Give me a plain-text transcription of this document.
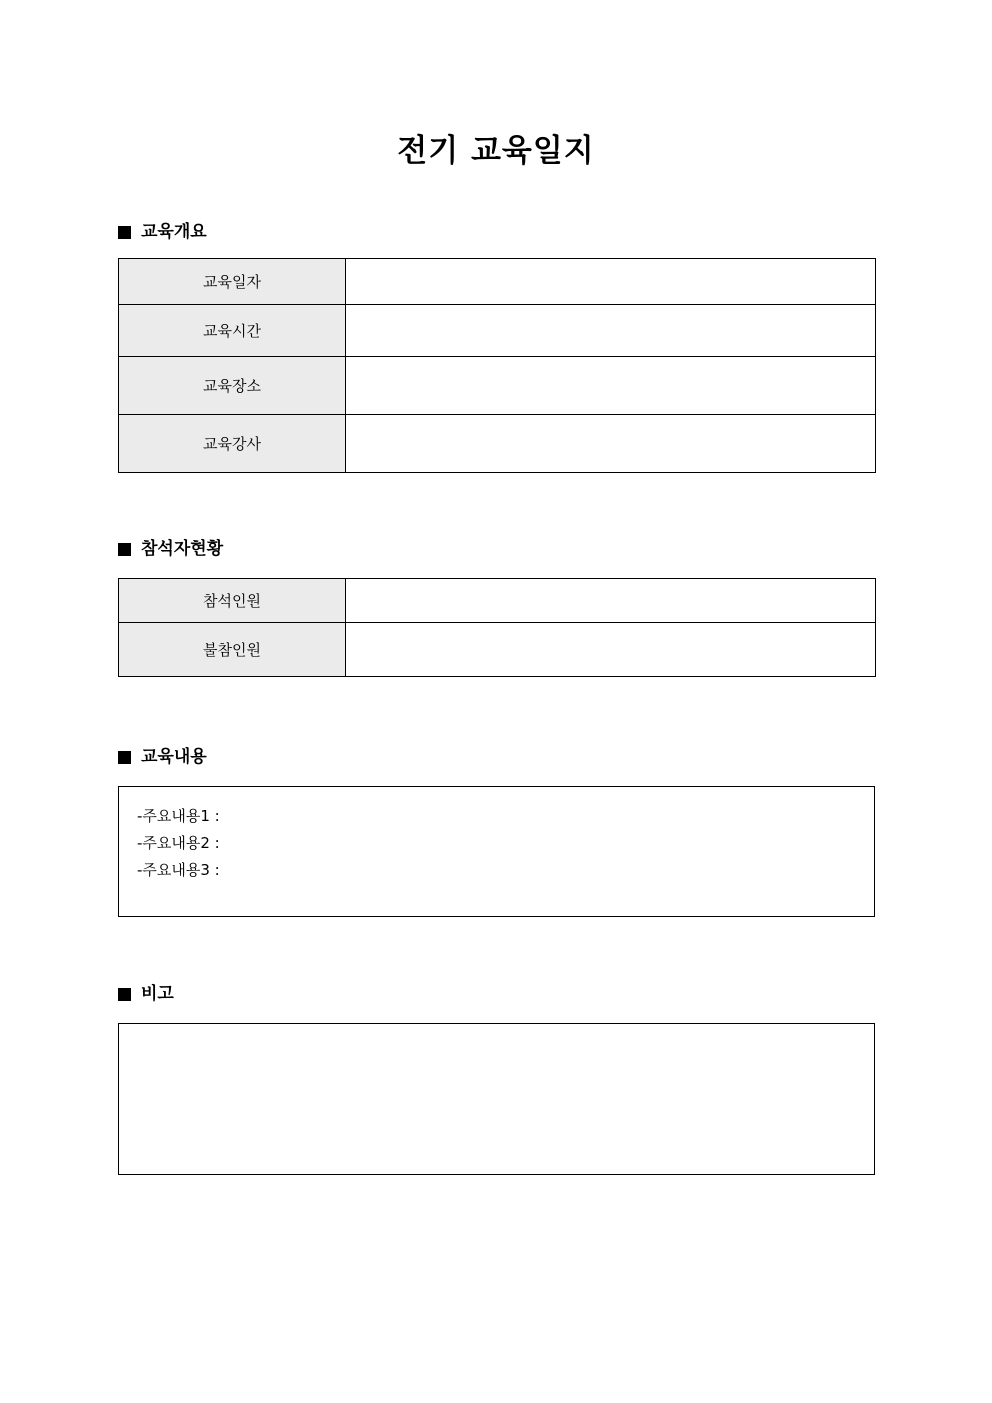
전기 교육일지
교육개요
교육일자	
교육시간	
교육장소	
교육강사	
참석자현황
참석인원	
불참인원	
교육내용
-주요내용1 :
-주요내용2 :
-주요내용3 :
비고
